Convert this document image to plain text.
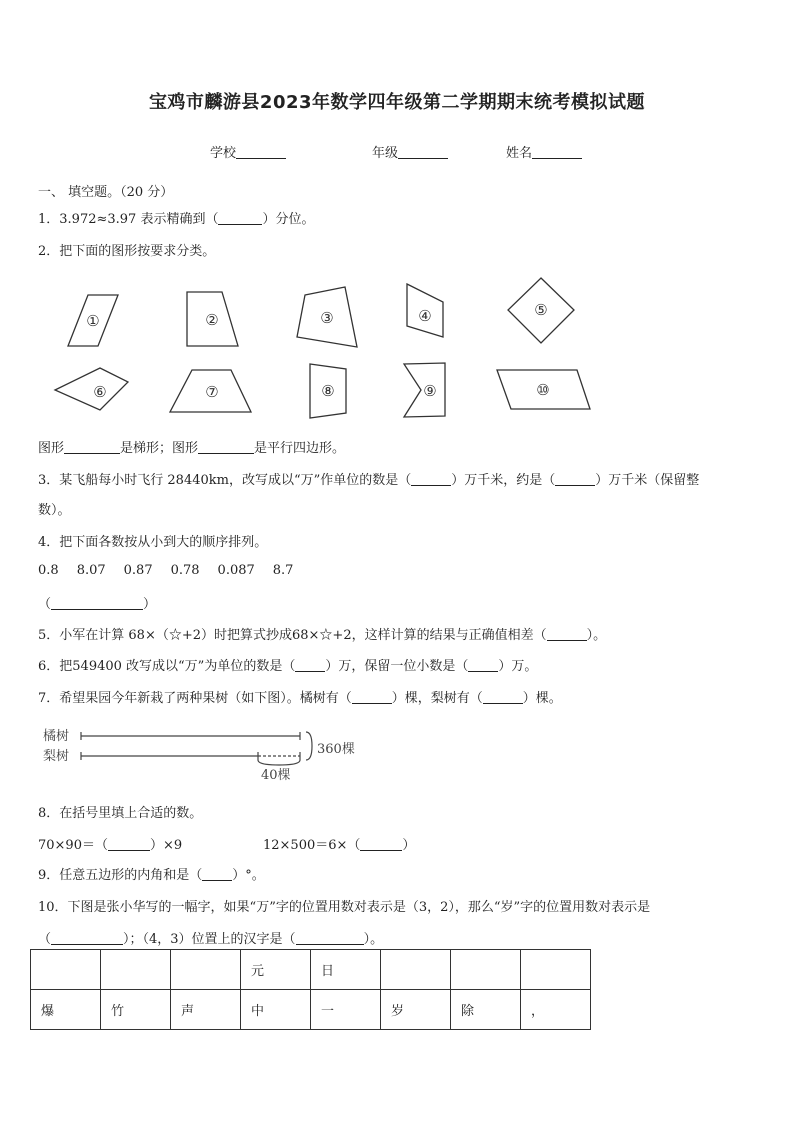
宝鸡市麟游县2023年数学四年级第二学期期末统考模拟试题
学校	年级	姓名
一、 填空题。（20 分）
1．3.972≈3.97 表示精确到（	）分位。
2．把下面的图形按要求分类。
①	②	③	④	⑤
⑥	⑦	⑧	⑨	⑩
图形	是梯形；图形	是平行四边形。
3．某飞船每小时飞行 28440km，改写成以“万”作单位的数是（	）万千米，约是（	）万千米（保留整
数）。
4．把下面各数按从小到大的顺序排列。
0.8 8.07 0.87 0.78 0.087 8.7
（	）
5．小军在计算 68×（☆+2）时把算式抄成68×☆+2，这样计算的结果与正确值相差（	）。
6．把549400 改写成以“万”为单位的数是（ ）万，保留一位小数是（ ）万。
7．希望果园今年新栽了两种果树（如下图）。橘树有（	）棵，梨树有（	）棵。
橘树
梨树	360棵
40棵
8．在括号里填上合适的数。
70×90＝（	）×9	12×500＝6×（	）
9．任意五边形的内角和是（ ）°。
10．下图是张小华写的一幅字，如果“万”字的位置用数对表示是（3，2），那么“岁”字的位置用数对表示是
（	）；（4，3）位置上的汉字是（	）。
			元	日			
爆	竹	声	中	一	岁	除	，
